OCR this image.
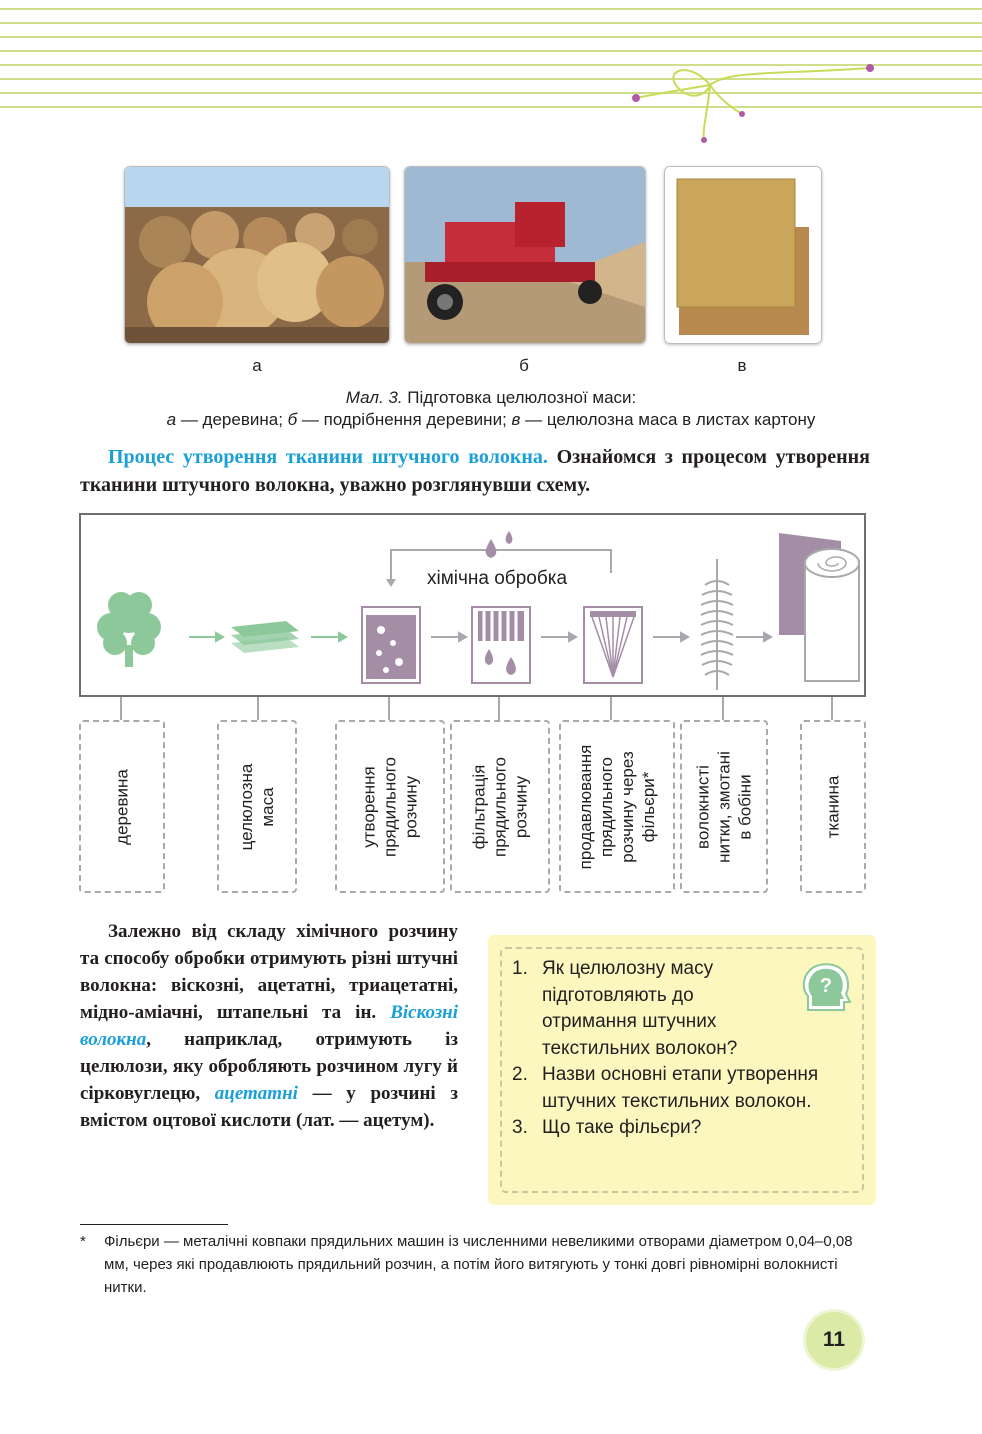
а	б	в
Мал. 3. Підготовка целюлозної маси:
а — деревина; б — подрібнення деревини; в — целюлозна маса в листах картону
Процес утворення тканини штучного волокна. Ознайомся з процесом утворення тканини штучного волокна, уважно розглянувши схему.
хімічна обробка
деревина	целюлозна маса	утворення прядильного розчину	фільтрація прядильного розчину	продавлювання прядильного розчину через фільєри* волокнисті нитки, змотані в бобіни	тканина
Залежно від складу хімічного розчину та способу обробки отримують різні штучні волокна: віскозні, ацетатні, триацетатні, мідно-аміачні, штапельні та ін. Віскозні волокна, наприклад, отримують із целюлози, яку обробляють розчином лугу й сірковуглецю, ацетатні — у розчині з вмістом оцтової кислоти (лат. — ацетум).
?
1. Як целюлозну масу підготовляють до отримання штучних текстильних волокон?
2. Назви основні етапи утворення штучних текстильних волокон.
3. Що таке фільєри?
* Фільєри — металічні ковпаки прядильних машин із численними невеликими отворами діаметром 0,04–0,08 мм, через які продавлюють прядильний розчин, а потім його витягують у тонкі довгі рівномірні волокнисті нитки.
11
